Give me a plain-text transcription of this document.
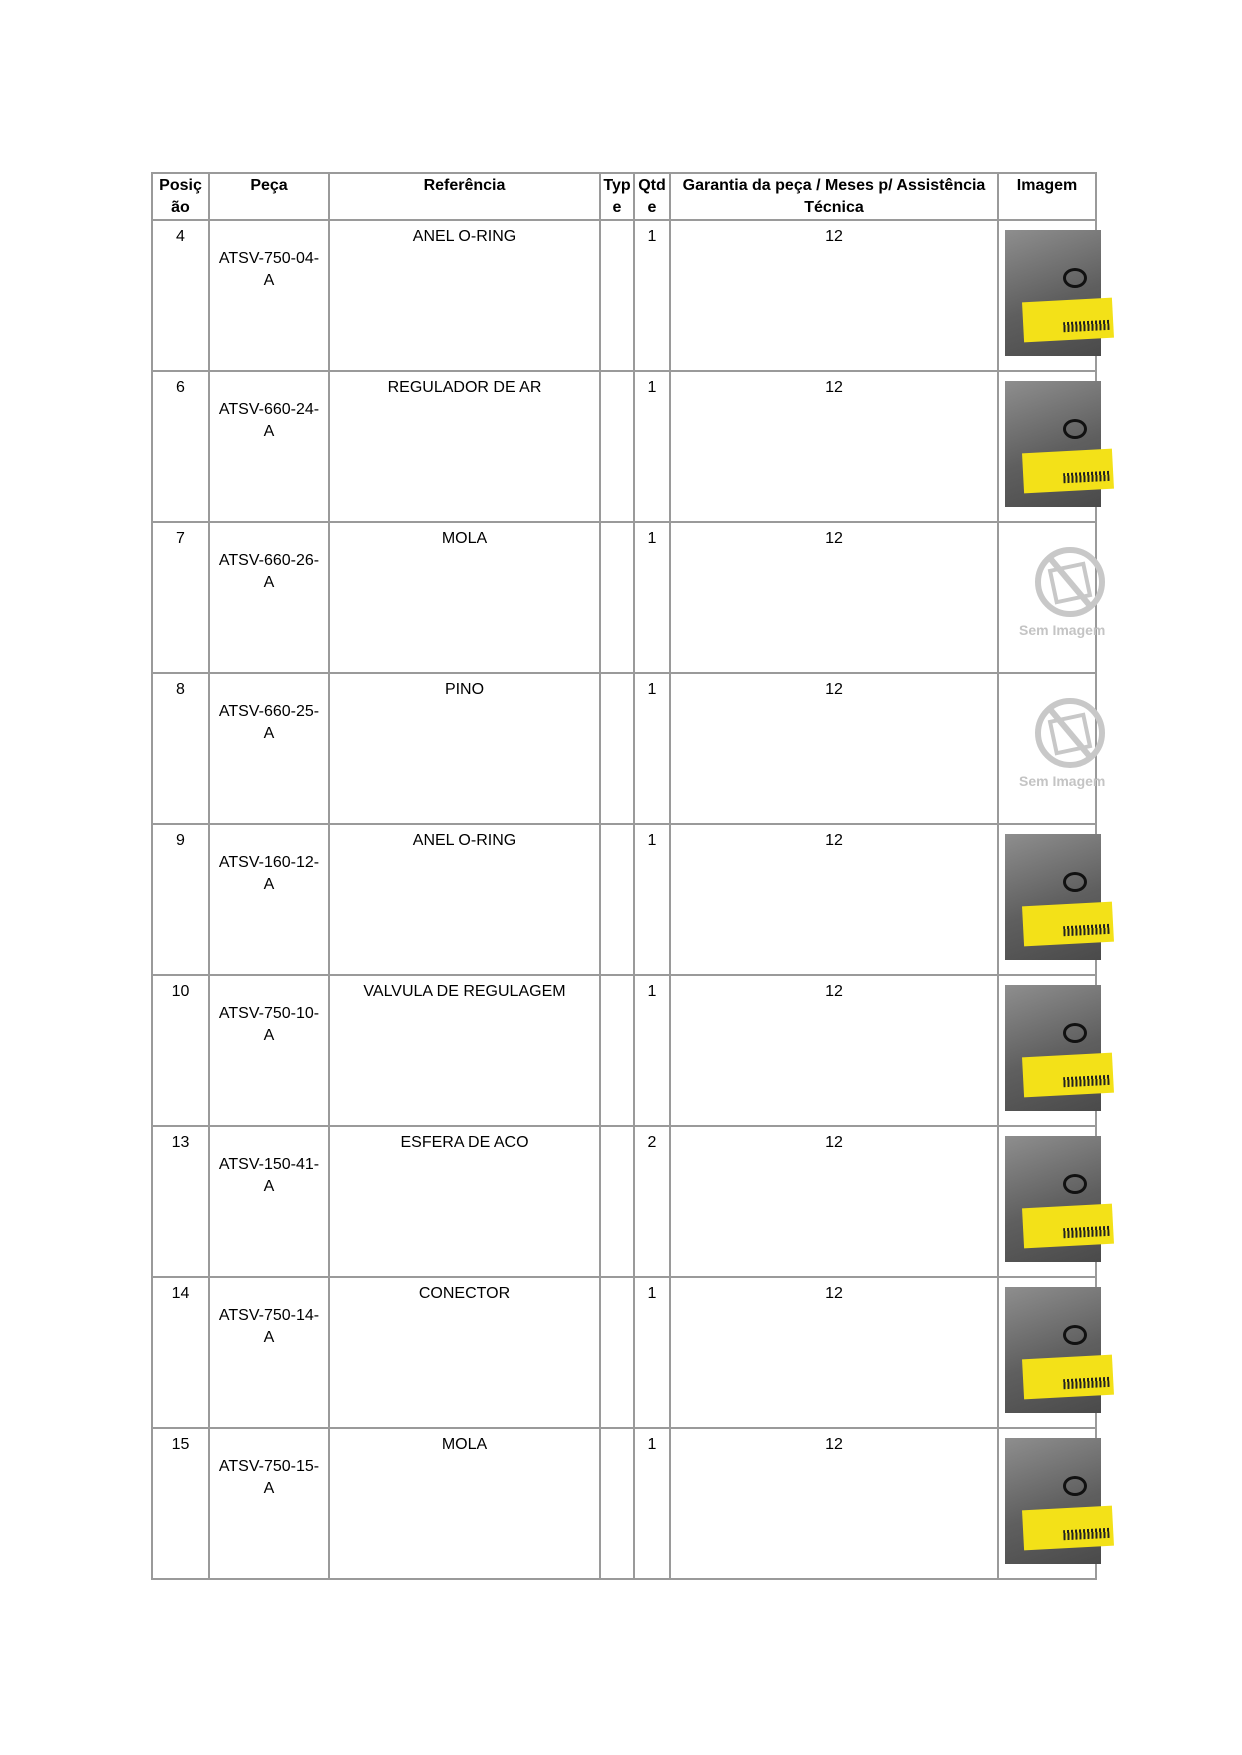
Posição	Peça	Referência	Type	Qtde	Garantia da peça / Meses p/ Assistência Técnica	Imagem
4	ATSV-750-04-A	ANEL O-RING		1	12	

6	ATSV-660-24-A	REGULADOR DE AR		1	12	

7	ATSV-660-26-A	MOLA		1	12	Sem Imagem

8	ATSV-660-25-A	PINO		1	12	Sem Imagem

9	ATSV-160-12-A	ANEL O-RING		1	12	

10	ATSV-750-10-A	VALVULA DE REGULAGEM		1	12	

13	ATSV-150-41-A	ESFERA DE ACO		2	12	

14	ATSV-750-14-A	CONECTOR		1	12	

15	ATSV-750-15-A	MOLA		1	12	
